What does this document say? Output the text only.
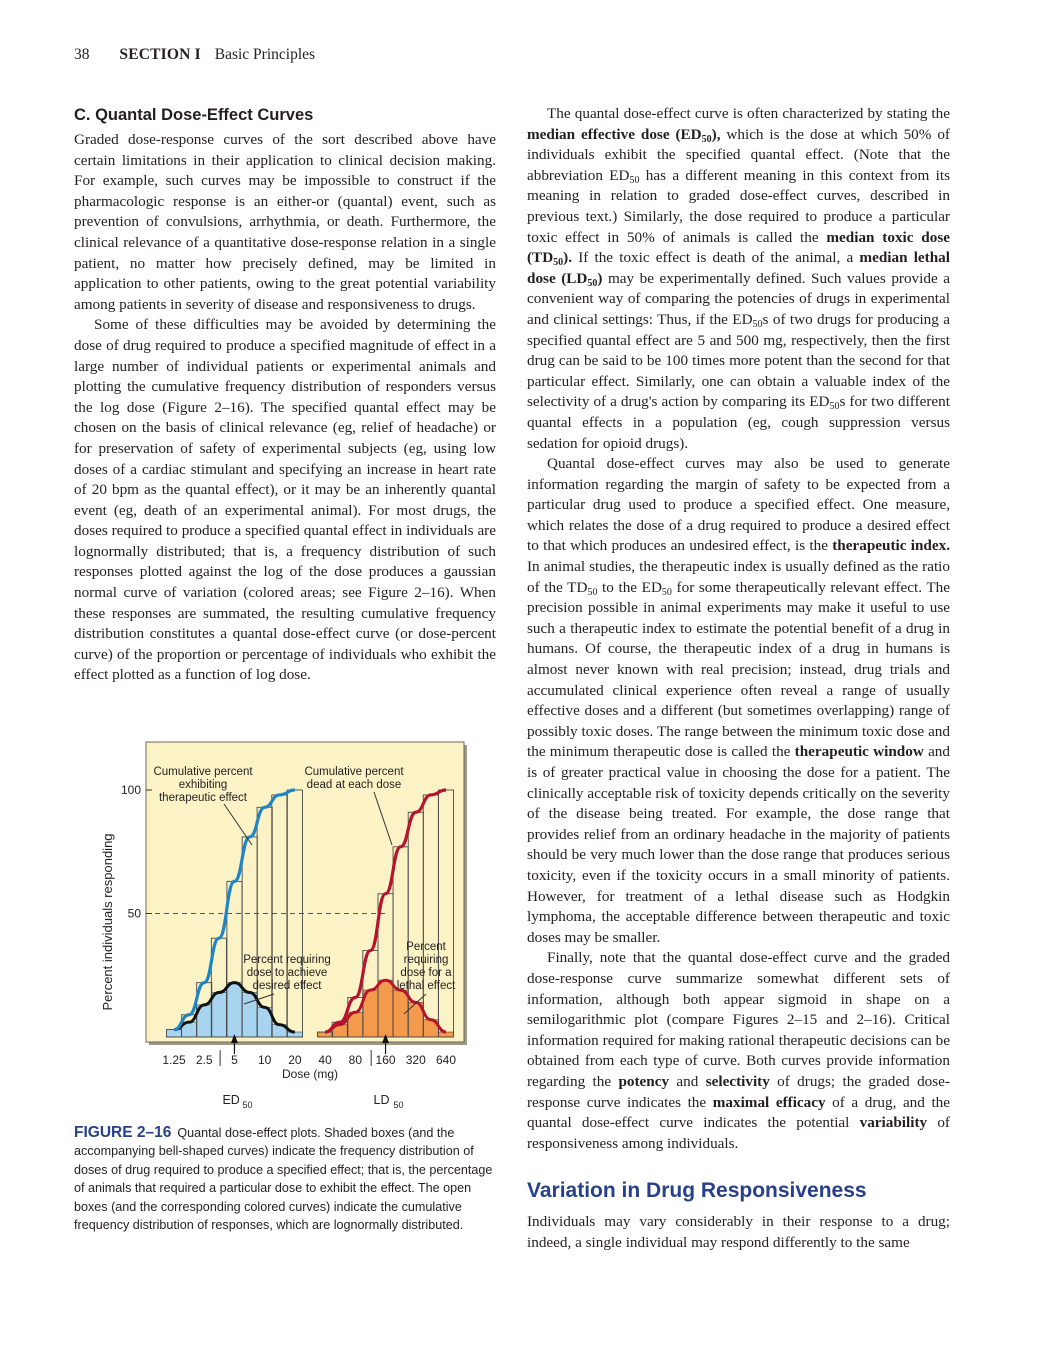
38 SECTION I Basic Principles
C. Quantal Dose-Effect Curves

Graded dose-response curves of the sort described above have certain limitations in their application to clinical decision making. For example, such curves may be impossible to construct if the pharmacologic response is an either-or (quantal) event, such as prevention of convulsions, arrhythmia, or death. Furthermore, the clinical relevance of a quantitative dose-response relation in a single patient, no matter how precisely defined, may be limited in application to other patients, owing to the great potential variability among patients in severity of disease and responsiveness to drugs.

Some of these difficulties may be avoided by determining the dose of drug required to produce a specified magnitude of effect in a large number of individual patients or experimental animals and plotting the cumulative frequency distribution of responders versus the log dose (Figure 2–16). The specified quantal effect may be chosen on the basis of clinical relevance (eg, relief of headache) or for preservation of safety of experimental subjects (eg, using low doses of a cardiac stimulant and specifying an increase in heart rate of 20 bpm as the quantal effect), or it may be an inherently quantal event (eg, death of an experimental animal). For most drugs, the doses required to produce a specified quantal effect in individuals are lognormally distributed; that is, a frequency distribution of such responses plotted against the log of the dose produces a gaussian normal curve of variation (colored areas; see Figure 2–16). When these responses are summated, the resulting cumulative frequency distribution constitutes a quantal dose-effect curve (or dose-percent curve) of the proportion or percentage of individuals who exhibit the effect plotted as a function of log dose.

100
50
Percent individuals responding
1.25 2.5 5 10 20 40 80 160 320 640
Dose (mg)
ED 50	LD 50
Cumulative percent
exhibiting
therapeutic effect
Cumulative percent
dead at each dose
Percent requiring
dose to achieve
desired effect
Percent
requiring
dose for a
lethal effect
FIGURE 2–16 Quantal dose-effect plots. Shaded boxes (and the accompanying bell-shaped curves) indicate the frequency distribution of doses of drug required to produce a specified effect; that is, the percentage of animals that required a particular dose to exhibit the effect. The open boxes (and the corresponding colored curves) indicate the cumulative frequency distribution of responses, which are lognormally distributed.

The quantal dose-effect curve is often characterized by stating the median effective dose $(ED_{50})$, which is the dose at which 50% of individuals exhibit the specified quantal effect. (Note that the abbreviation $ED_{50}$ has a different meaning in this context from its meaning in relation to graded dose-effect curves, described in previous text.) Similarly, the dose required to produce a particular toxic effect in 50% of animals is called the median toxic dose $(TD_{50})$. If the toxic effect is death of the animal, a median lethal dose $(LD_{50})$ may be experimentally defined. Such values provide a convenient way of comparing the potencies of drugs in experimental and clinical settings: Thus, if the $ED_{50}s$ of two drugs for producing a specified quantal effect are 5 and 500 mg, respectively, then the first drug can be said to be 100 times more potent than the second for that particular effect. Similarly, one can obtain a valuable index of the selectivity of a drug's action by comparing its $ED_{50}s$ for two different quantal effects in a population (eg, cough suppression versus sedation for opioid drugs).

Quantal dose-effect curves may also be used to generate information regarding the margin of safety to be expected from a particular drug used to produce a specified effect. One measure, which relates the dose of a drug required to produce a desired effect to that which produces an undesired effect, is the therapeutic index. In animal studies, the therapeutic index is usually defined as the ratio of the $TD_{50}$ to the $ED_{50}$ for some therapeutically relevant effect. The precision possible in animal experiments may make it useful to use such a therapeutic index to estimate the potential benefit of a drug in humans. Of course, the therapeutic index of a drug in humans is almost never known with real precision; instead, drug trials and accumulated clinical experience often reveal a range of usually effective doses and a different (but sometimes overlapping) range of possibly toxic doses. The range between the minimum toxic dose and the minimum therapeutic dose is called the therapeutic window and is of greater practical value in choosing the dose for a patient. The clinically acceptable risk of toxicity depends critically on the severity of the disease being treated. For example, the dose range that provides relief from an ordinary headache in the majority of patients should be very much lower than the dose range that produces serious toxicity, even if the toxicity occurs in a small minority of patients. However, for treatment of a lethal disease such as Hodgkin lymphoma, the acceptable difference between therapeutic and toxic doses may be smaller.

Finally, note that the quantal dose-effect curve and the graded dose-response curve summarize somewhat different sets of information, although both appear sigmoid in shape on a semilogarithmic plot (compare Figures 2–15 and 2–16). Critical information required for making rational therapeutic decisions can be obtained from each type of curve. Both curves provide information regarding the potency and selectivity of drugs; the graded dose-response curve indicates the maximal efficacy of a drug, and the quantal dose-effect curve indicates the potential variability of responsiveness among individuals.

Variation in Drug Responsiveness

Individuals may vary considerably in their response to a drug; indeed, a single individual may respond differently to the same
